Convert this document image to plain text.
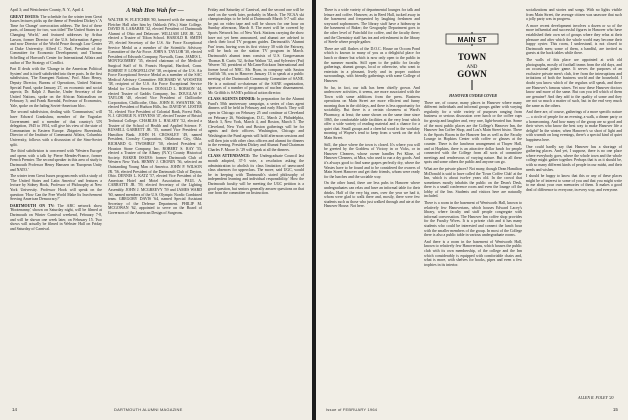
April 3; and Westchester County, N. Y., April 4.

GREAT ISSUES: The schedule for the winter term Great Issues lectures picks up the theme of President Dickey's 'A Time for Change' convocation address. The first of these parts, of January for two, was titled 'The United States in a Changing World,' and featured addresses by Arthur Larson, former Director of the U.S. Information Agency and now Director of the World Peace through Law Center at Duke University; Alfred C. Neal, President of the Committee for Economic Development; and Thomas Schelling of Harvard's Center for International Affairs and author of The Strategy of Conflict.

Part II deals with the 'Change in the American Political System' and is itself subdivided into three parts. In the first subdivision, 'The Emergent Nations,' Prof. Marc Henry, Deputy Director, Bureau of Operations, United Nations Special Fund, spoke January 27, on economic and social aspects; Dr. Ralph J. Bunche, Under Secretary of the United Nations, spoke on the African Nationalism on February 3; and Frank Ravndal, Professor of Economics, Yale, spoke on the fading Soviet-American bloc.

The second subdivision, dealing with 'Communism,' will have Edward Crankshaw, member of the Yugoslav Government and a member of that country's UN delegation, 1945 to 1954, will give his view of the state of Communism in Eastern Europe. Zbigniew Brzezinski, Director of the Institute of Communist Affairs, Columbia University, follows with a discussion of the Sino-Soviet split.

The third subdivision is concerned with 'Western Europe' and opens with a talk by Pierre Mendes-France, former French Premier. The second speaker in this area of study is Dartmouth Professor Henry Hanssen on 'European Unity and NATO.'

The winter term Great Issues program ends with a study of 'The United States and Latin America' and features a lecture by Sidney Hook, Professor of Philosophy at New York University. Professor Hook will speak on the question: 'How Can the Free World Make Its Involvement Serving American Democracy?'

DARTMOUTH ON TV: The ABC network show 'Hootenanny,' shown on Saturday night, will be filmed at Dartmouth on Winter Carnival weekend, February 7-8, and will be shown one week later, on February 15. Two shows will actually be filmed in Webster Hall on Friday and Saturday of Carnival.

A Wah Hoo Wah for —

WALTER W. FLETCHER '80, honored with the naming of Fletcher Hall after him by Oshkosh (Wis.) State College. DAVID B. LARABEE '32, elected President of Dartmouth Alumni of Ohio and Delaware. WILLIAM LEE JR. '22, elected a Trustee of Tilton School. HAROLD B. SMITH '29, elected Secretary of the U.S. Air Force Exceptional Service Medal as a member of the Scientific Advisory Committee of the Air Force. JOHN S. TAYLOR '30, elected President of Edwards Company, Norwalk, Conn. JAMES L. MONTGOMERY '35, elected chairman of the Medical-Surgical Staff of St. Francis Hospital, Hartford, Conn. ROBERT P. LONGFELLOW '38, recipient of the U.S. Air Force Exceptional Service Medal as a member of the SAC Medical Advisory Committee. RICHARD W. WOOSTER '38, recipient of the U.S. Air Force Exceptional Service Medal for Civilian Service. DONALD L. ROBSON '44, elected Trustee of Gaddis Company, Inc. DOUGLAS F. TAYLOR '40, elected Vice President of Chillicothe Corporation, Chillicothe, Ohio. JOHN R. SWANTEK '46, elected President of Hudson Hills, Inc. DAVID W. LESTER '51, elected Vice President of Colonial Bank, Forest Falls, N. J. GEORGE N. STEVENS '47, elected Trustee of Bristol Technical College. CHARLES L. HALSEY '52, elected a Trustee of the School of Health and Applied Science. F. RUSSELL GARRETT JR. '55, named Vice President of Hamilton Bank. JOHN H. CROSSLEY '49, named President, Crossley Corporation, Oklahoma City, Okla. RICHARD G. TWOMBLY '50, elected President of Houston Stone Company, Inc. ROBERT S. RAY '55, elected a Trustee of the Albany (N.Y.) County Historical Society. BAKER ISSUES: former Dartmouth Club of Western New York. HENRY J. CRONIN '56, selected an Outstanding Young Man of America. JOHN P. WILSON JR. '56, elected President of the Dartmouth Club of Dayton, Ohio. DENNIS L. KATZ '57, elected Vice President of the American Hotel and Motel Association. PAUL A. CABRATTE JR. '59, elected Secretary of the Lighting Assembly. JOHN J. MCGREEVY '59 and JAMES WARD '60, named members of the U.S. Olympic Nordic Combined team. GREGORY DAVIS '64, named Special Assistant Secretary of the Defense Department. PHILIP M. MCGOWAN '62, appointed to serve on the Board of Governors of the American Design of Surgeons.

Friday and Saturday of Carnival, and the second one will be used on the week later, probably in March. The NCAA ski championships to be held at Dartmouth March 5-7 will also be put on video tape and will be shown for one hour on Sunday afternoon, March 8. The meet will be covered by Sports Network Inc. of New York. Stations carrying the show have not yet been announced, and alumni are advised to check their local TV program guides. Dartmouth's 'Alumni Fun' team, having won its first victory 30 with the Fairway, will be back on the station TV program in March. Dartmouth's alumni team consists of U.S. Congressman Thomas B. Curtis '32, Arthur Walton '32, and Sylvester (Pat) Weaver '30, president of McCann-Erickson International and former head of NBC. Mr. Ryan, in company with Saxton Griffith '36, was in Hanover January 13 to speak at a public meeting of the Dartmouth Community Committee of SANE. He is a national co-chairman of the SANE organization, sponsors of a number of programs of nuclear disarmament. Mr. Griffith is SANE's political action director.

CLASS AGENTS DINNER: In preparation for the Alumni Fund's 50th anniversary campaign, a series of class agent dinners will be held in February and early March. They will open in Chicago on February 25 and continue at Cleveland on February 26, Washington, D.C., March 2, Philadelphia, March 3, New York, March 4, and Boston, March 5. The Cleveland, New York and Boston gatherings will be for agents and their officers. Washington, Chicago and Washington the Fund agents will hold afternoon sessions and will then join with other class officers and alumni for dinners in the evening. President Dickey and Alumni Fund Chairman Charles F. Moore Jr. '29 will speak at all the dinners.

CLASS ATTENDANCE: The Undergraduate Council last month adopted, 37-5 vote, a resolution asking the administration to abolish its class limitation of unexcused class absences for upperclass. The move, said UGC, would be in keeping with 'Dartmouth's stated philosophy of independent learning and individual responsibility.' How the Dartmouth faculty will be meeting the UGC petition is a good question, but seniors generally answer questions on that one from the committee on Instruction.

14	DARTMOUTH ALUMNI MAGAZINE

There is a wide variety of departmental lounges for talk and leisure and coffee. Hanover, as in Reed Hall, tucked away in the basement and frequented by laughing freshmen and wayward sophomores. The library staff have a hideaway in the basement of Baker; the Geography Department goes to the other level of Fairchild for coffee, and the faculty there; and the Chemistry staff has tea and refreshment in the library of Steele where people gather.

There are still flashes of the D.O.C. House on Occom Pond which is known to many of you as a delightful place for lunch or dinner but which is now only open to the public in the summer months. Still open to the public for faculty gatherings, alumni groups, local or otherwise, who want to entertain in a pleasant, lively and in proper outdoor surroundings, with friendly gatherings with some College of Hanover.

So far, in fact, our talk has been chiefly grown. And undercover activities, it seems, are more associated with the Town with some additions from the press. Business operations on Main Street are more efficient and funny morning than in the old days, and there is less opportunity for sociability. But there is a certain closeness at Ward's Pharmacy, at least; the same shown on the same time since 1865, the comfortable table facilities at the very least which offer a wide variety of reading material and a chance for a quiet chat. Small groups and a cheerful word in the workday morning of Wayne's tend to keep from a week on the rich Main Street.

Still, the place where the town is closed. It's where you will be greeted by the Goddess of Victory in or Vicks, or in Hanover Cleaners, whose owner handles Pet Kline, of Hanover Cleaners, at Mira, who used to run a dry goods. And it's always good to find some grapes perfectly dry, where the Wastes have to be found and to be considered the owners of Main Street Hanover and get their friends, whom were ready for the lunches and the sociable way.

On the other hand, there are less pubs in Hanover where undergraduates can relax and have an informal table for their drinks. Half of the very big ones, over the year we had it, whom were glad to walk there and, mostly, there were few students such as those who just walked through and ate at the Hanover House. Not here.

MAIN ST
TOWN
AND
GOWN

HANOVER UNDER COVER

There are, of course, many places in Hanover where many different individuals and informal groups gather with varying regularity for a wide variety of purposes ranging from business or serious discussion over lunch or the coffee cups for gossip and laughter and, very rare, light-hearted fun. Some of the most public places are the College's Hanover Inn, the Hanover Inn Coffee Shop, and Lou's Main Street bistro. There is the Sports Room in the Hanover Inn as well as the Faculty Lounge in Hopkins Center with coffee or glasses at the counter. There is the luncheon arrangement at Thayer Hall, and at Hopkins, there is an attractive dollar lunch for people connected with the College from all sorts of committee meetings and rendezvous of varying nature. But in all these spots and some others the public and anyone can go.

What are the private places? Not many, though Dean Hamilton McDonald is said to have called the 'Town Coffee Club' at the Inn, which is about twelve years old. In the crowd that sometimes mostly inhabits the public on the Dean's Desk, there is a small conference room and even the lounge off the lobby of the Inn. Students and visitors here are naturally included.

There is a room in the basement of Wentworth Hall, known to relatively few Hanoverians, which houses Edward Lacey's library, where faculty and staff people congregate with informal conversation. The Hanover Inn coffee shop provides for the Faculty Wives. It is a private club and it has many students who could be interested and connect the lunch hour with the smaller members of the group. In most of the College there is also a public table in various undergraduate rooms.

And there is a room in the basement of Wentworth Hall, known to relatively few Hanoverians, which houses the public club with its own membership, of the college and the Inn which considerably is equipped with comfortable chairs and, what is more, with shelves for books, pipes and even a few trophies in its interior.

socializations and stories and songs. With no lights visible from Main Street, the average citizen was unaware that such a jolly party was in progress.

A more recent development involves a dozen or so of the more influential and successful figures in Hanover who have established their own set of groups where they relax at their pleasure and after which the whole world may become their happy oyster. This room, I understand, is not closed to Dartmouth men; some of them, a handful, are invited as guests at the back tables while there.

The walls of this place are appointed at with old photographs, mostly of football teams from the old days, and an occasional poker game. It serves the purposes of an exclusive private men's club, free from the interruptions and irritations of both the business world and the household. I doubt you know which of the regulars will speak, and there are Hanover's famous wines. Yet now these Hanover doctors know and more of the same. But can you tell which of them are genuine? And they add to the quality of some and they are not so much a matter of such, but in the end very much the same as the others.

And there are, of course, gatherings of a more specific nature — a circle of people for an evening, a walk, a dinner party or a homecoming. And how many of the group are so good and their wives who know the best way to make Hanover life a delight? In the winter, when Hanover's so short of light and with warmth on long evenings, there's a special kind of quiet happiness here.

One could hardly say that Hanover has a shortage of gathering places. And yet, I suppose, there is no one place where everybody goes, where the whole town and the whole college might gather together. Perhaps that is as it should be, with so many different kinds of people in our midst, and their needs and wishes.

I should be happy to know that this or any of these places might be of interest to some of you and that you might write to me about your own memories of them. It makes a good deal of difference to everyone, in every way, and everyone.

ALLEN R. FOLEY '20
Issue of FEBRUARY 1964	15
